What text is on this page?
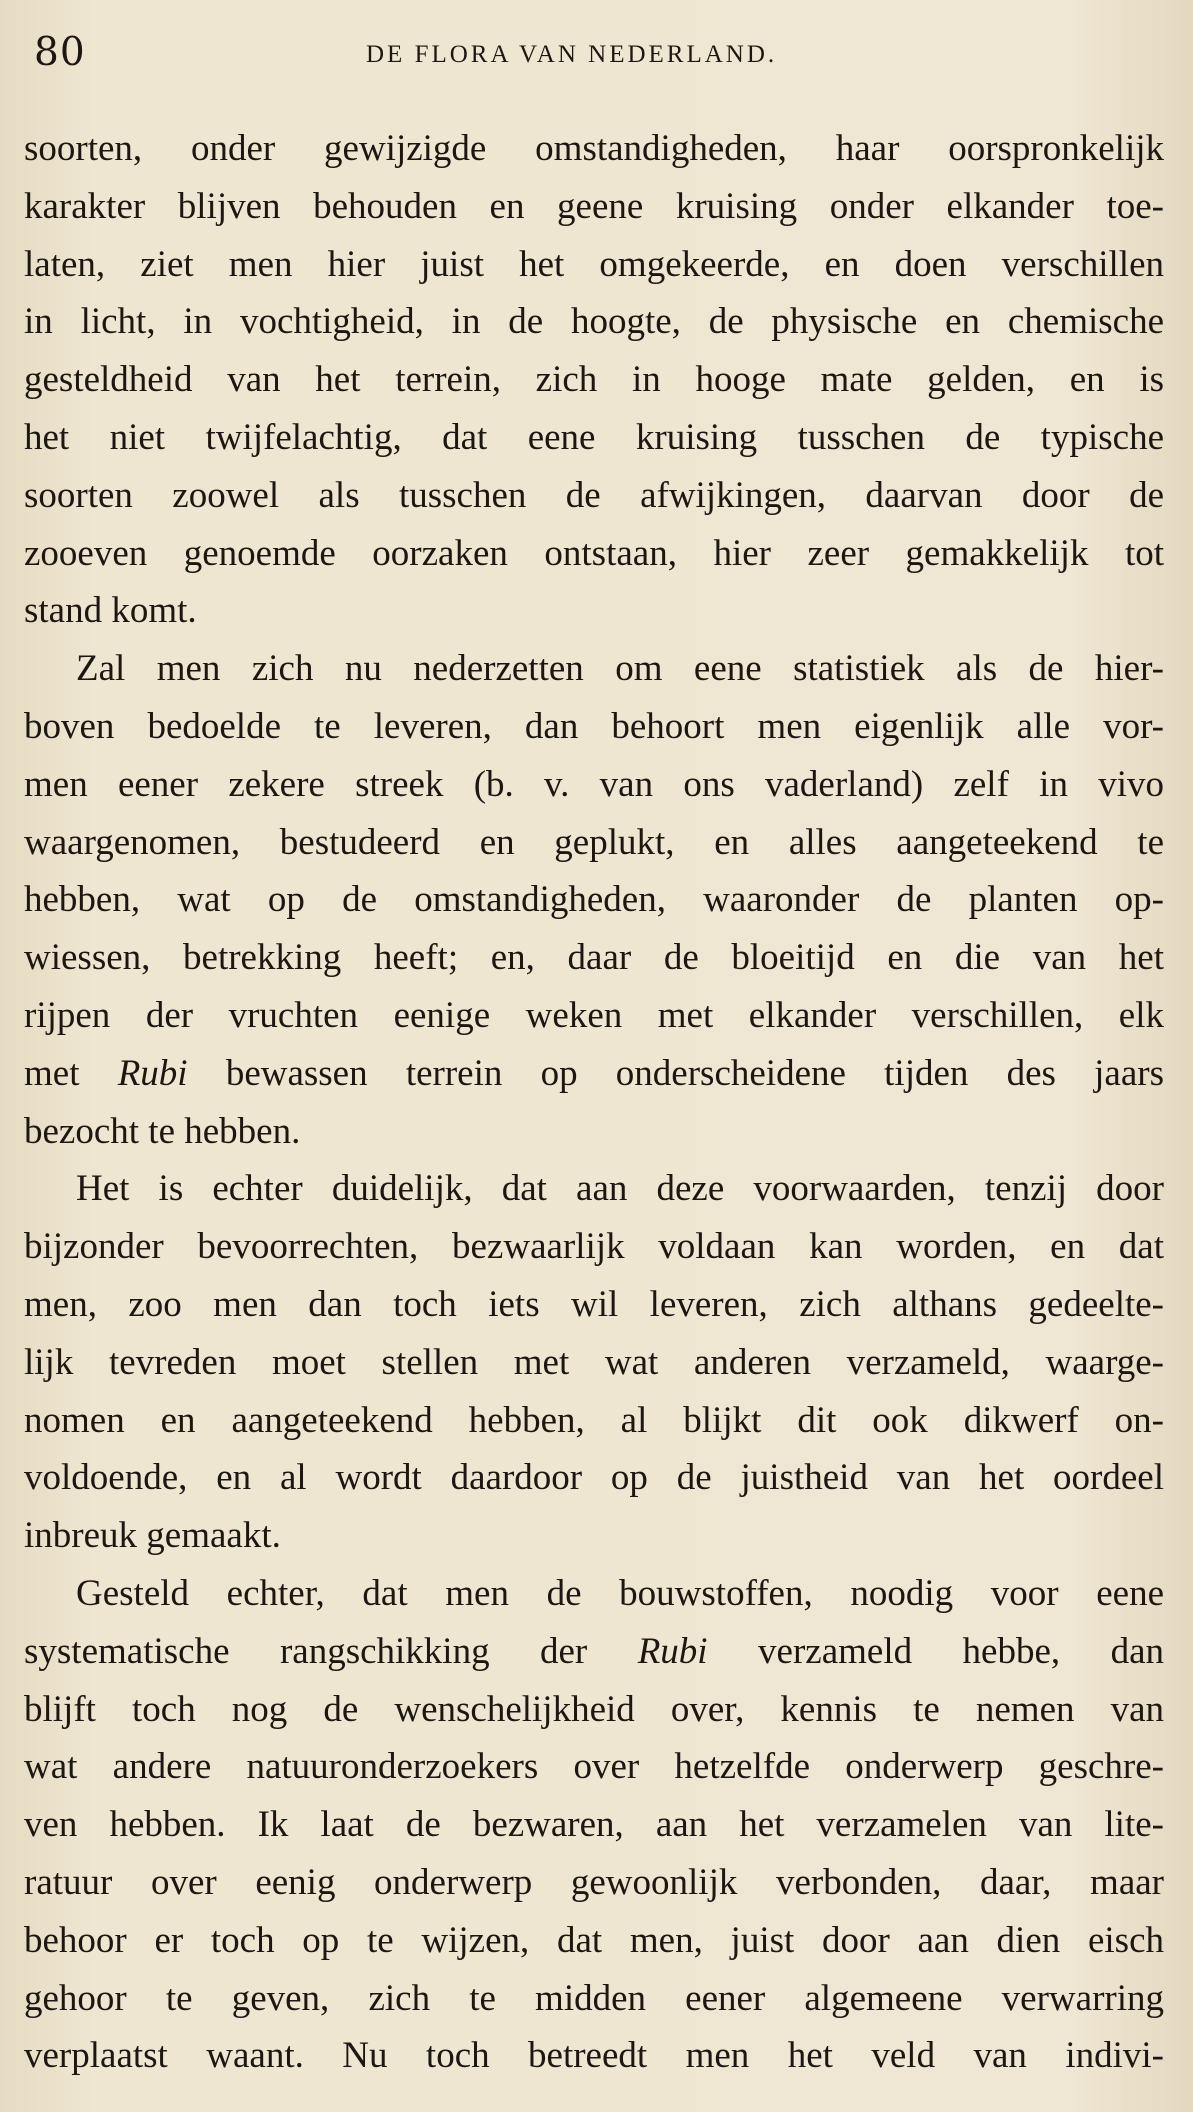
80	DE FLORA VAN NEDERLAND.
soorten, onder gewijzigde omstandigheden, haar oorspronkelijk
karakter blijven behouden en geene kruising onder elkander toe-
laten, ziet men hier juist het omgekeerde, en doen verschillen
in licht, in vochtigheid, in de hoogte, de physische en chemische
gesteldheid van het terrein, zich in hooge mate gelden, en is
het niet twijfelachtig, dat eene kruising tusschen de typische
soorten zoowel als tusschen de afwijkingen, daarvan door de
zooeven genoemde oorzaken ontstaan, hier zeer gemakkelijk tot
stand komt.
Zal men zich nu nederzetten om eene statistiek als de hier-
boven bedoelde te leveren, dan behoort men eigenlijk alle vor-
men eener zekere streek (b. v. van ons vaderland) zelf in vivo
waargenomen, bestudeerd en geplukt, en alles aangeteekend te
hebben, wat op de omstandigheden, waaronder de planten op-
wiessen, betrekking heeft; en, daar de bloeitijd en die van het
rijpen der vruchten eenige weken met elkander verschillen, elk
met Rubi bewassen terrein op onderscheidene tijden des jaars
bezocht te hebben.
Het is echter duidelijk, dat aan deze voorwaarden, tenzij door
bijzonder bevoorrechten, bezwaarlijk voldaan kan worden, en dat
men, zoo men dan toch iets wil leveren, zich althans gedeelte-
lijk tevreden moet stellen met wat anderen verzameld, waarge-
nomen en aangeteekend hebben, al blijkt dit ook dikwerf on-
voldoende, en al wordt daardoor op de juistheid van het oordeel
inbreuk gemaakt.
Gesteld echter, dat men de bouwstoffen, noodig voor eene
systematische rangschikking der Rubi verzameld hebbe, dan
blijft toch nog de wenschelijkheid over, kennis te nemen van
wat andere natuuronderzoekers over hetzelfde onderwerp geschre-
ven hebben. Ik laat de bezwaren, aan het verzamelen van lite-
ratuur over eenig onderwerp gewoonlijk verbonden, daar, maar
behoor er toch op te wijzen, dat men, juist door aan dien eisch
gehoor te geven, zich te midden eener algemeene verwarring
verplaatst waant. Nu toch betreedt men het veld van indivi-
